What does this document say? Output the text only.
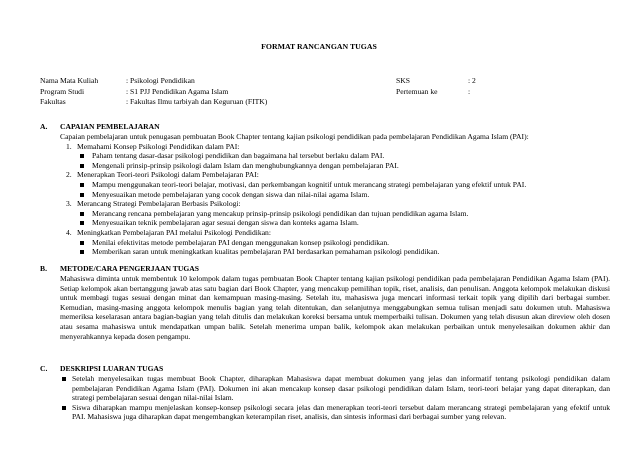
FORMAT RANCANGAN TUGAS
Nama Mata Kuliah	: Psikologi Pendidikan	SKS	: 2
Program Studi	: S1 PJJ Pendidikan Agama Islam	Pertemuan ke	:
Fakultas	: Fakultas Ilmu tarbiyah dan Keguruan (FITK)
A. CAPAIAN PEMBELAJARAN
Capaian pembelajaran untuk penugasan pembuatan Book Chapter tentang kajian psikologi pendidikan pada pembelajaran Pendidikan Agama Islam (PAI):
1. Memahami Konsep Psikologi Pendidikan dalam PAI:
Paham tentang dasar-dasar psikologi pendidikan dan bagaimana hal tersebut berlaku dalam PAI.
Mengenali prinsip-prinsip psikologi dalam Islam dan menghubungkannya dengan pembelajaran PAI.
2. Menerapkan Teori-teori Psikologi dalam Pembelajaran PAI:
Mampu menggunakan teori-teori belajar, motivasi, dan perkembangan kognitif untuk merancang strategi pembelajaran yang efektif untuk PAI.
Menyesuaikan metode pembelajaran yang cocok dengan siswa dan nilai-nilai agama Islam.
3. Merancang Strategi Pembelajaran Berbasis Psikologi:
Merancang rencana pembelajaran yang mencakup prinsip-prinsip psikologi pendidikan dan tujuan pendidikan agama Islam.
Menyesuaikan teknik pembelajaran agar sesuai dengan siswa dan konteks agama Islam.
4. Meningkatkan Pembelajaran PAI melalui Psikologi Pendidikan:
Menilai efektivitas metode pembelajaran PAI dengan menggunakan konsep psikologi pendidikan.
Memberikan saran untuk meningkatkan kualitas pembelajaran PAI berdasarkan pemahaman psikologi pendidikan.
B. METODE/CARA PENGERJAAN TUGAS
Mahasiswa diminta untuk membentuk 10 kelompok dalam tugas pembuatan Book Chapter tentang kajian psikologi pendidikan pada pembelajaran Pendidikan Agama Islam (PAI). Setiap kelompok akan bertanggung jawab atas satu bagian dari Book Chapter, yang mencakup pemilihan topik, riset, analisis, dan penulisan. Anggota kelompok melakukan diskusi untuk membagi tugas sesuai dengan minat dan kemampuan masing-masing. Setelah itu, mahasiswa juga mencari informasi terkait topik yang dipilih dari berbagai sumber. Kemudian, masing-masing anggota kelompok menulis bagian yang telah ditentukan, dan selanjutnya menggabungkan semua tulisan menjadi satu dokumen utuh. Mahasiswa memeriksa keselarasan antara bagian-bagian yang telah ditulis dan melakukan koreksi bersama untuk memperbaiki tulisan. Dokumen yang telah disusun akan direview oleh dosen atau sesama mahasiswa untuk mendapatkan umpan balik. Setelah menerima umpan balik, kelompok akan melakukan perbaikan untuk menyelesaikan dokumen akhir dan menyerahkannya kepada dosen pengampu.
C. DESKRIPSI LUARAN TUGAS
Setelah menyelesaikan tugas membuat Book Chapter, diharapkan Mahasiswa dapat membuat dokumen yang jelas dan informatif tentang psikologi pendidikan dalam pembelajaran Pendidikan Agama Islam (PAI). Dokumen ini akan mencakup konsep dasar psikologi pendidikan dalam Islam, teori-teori belajar yang dapat diterapkan, dan strategi pembelajaran sesuai dengan nilai-nilai Islam.
Siswa diharapkan mampu menjelaskan konsep-konsep psikologi secara jelas dan menerapkan teori-teori tersebut dalam merancang strategi pembelajaran yang efektif untuk PAI. Mahasiswa juga diharapkan dapat mengembangkan keterampilan riset, analisis, dan sintesis informasi dari berbagai sumber yang relevan.
